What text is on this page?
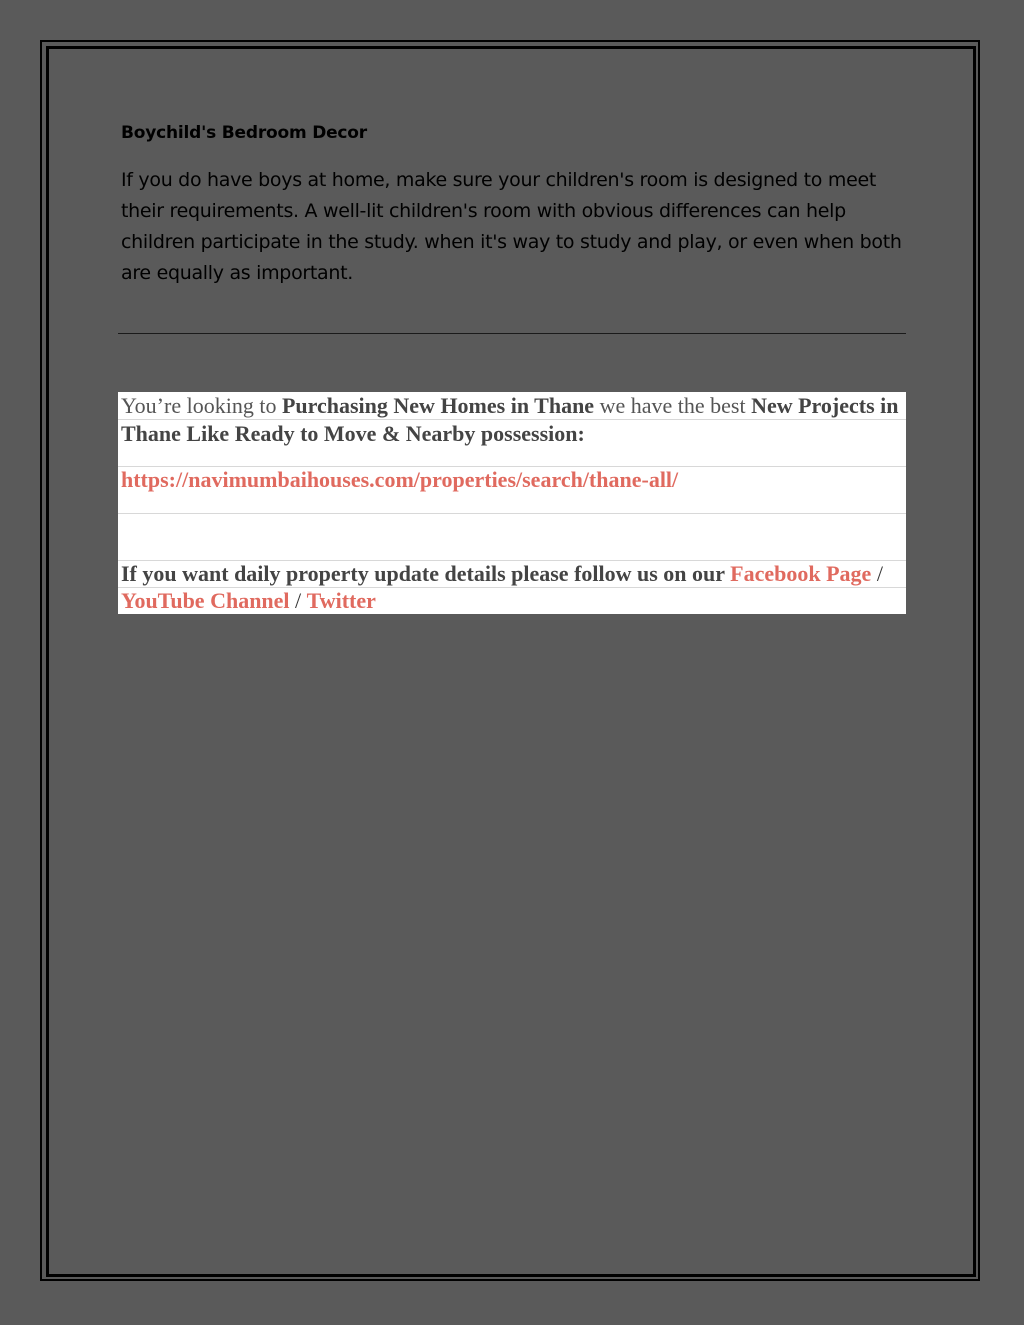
Boychild's Bedroom Decor
If you do have boys at home, make sure your children's room is designed to meet their requirements. A well-lit children's room with obvious differences can help children participate in the study. when it's way to study and play, or even when both are equally as important.
You’re looking to Purchasing New Homes in Thane we have the best New Projects in Thane Like Ready to Move & Nearby possession:
https://navimumbaihouses.com/properties/search/thane-all/
If you want daily property update details please follow us on our Facebook Page / YouTube Channel / Twitter
